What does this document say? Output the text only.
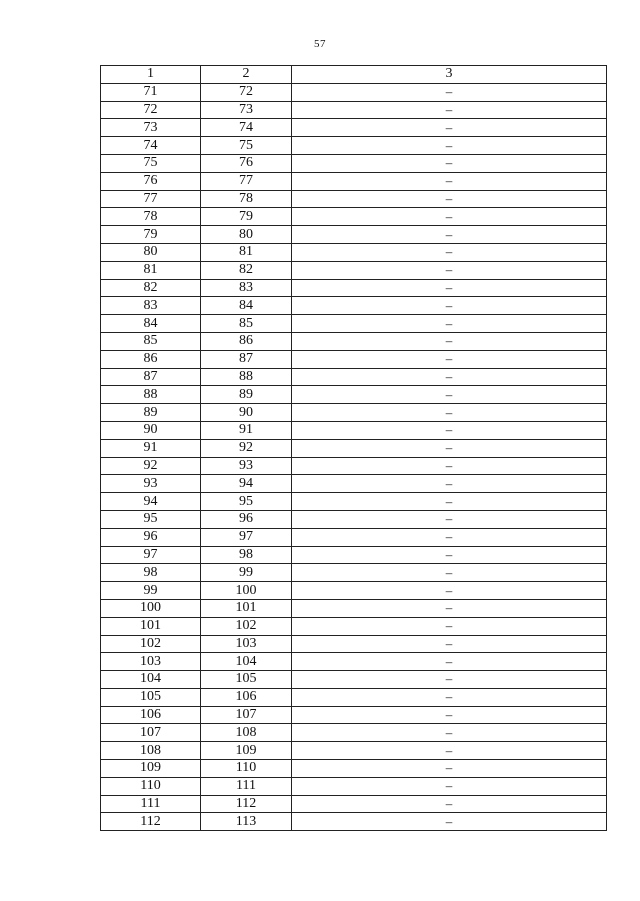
57
1	2	3
71	72	–
72	73	–
73	74	–
74	75	–
75	76	–
76	77	–
77	78	–
78	79	–
79	80	–
80	81	–
81	82	–
82	83	–
83	84	–
84	85	–
85	86	–
86	87	–
87	88	–
88	89	–
89	90	–
90	91	–
91	92	–
92	93	–
93	94	–
94	95	–
95	96	–
96	97	–
97	98	–
98	99	–
99	100	–
100	101	–
101	102	–
102	103	–
103	104	–
104	105	–
105	106	–
106	107	–
107	108	–
108	109	–
109	110	–
110	111	–
111	112	–
112	113	–
